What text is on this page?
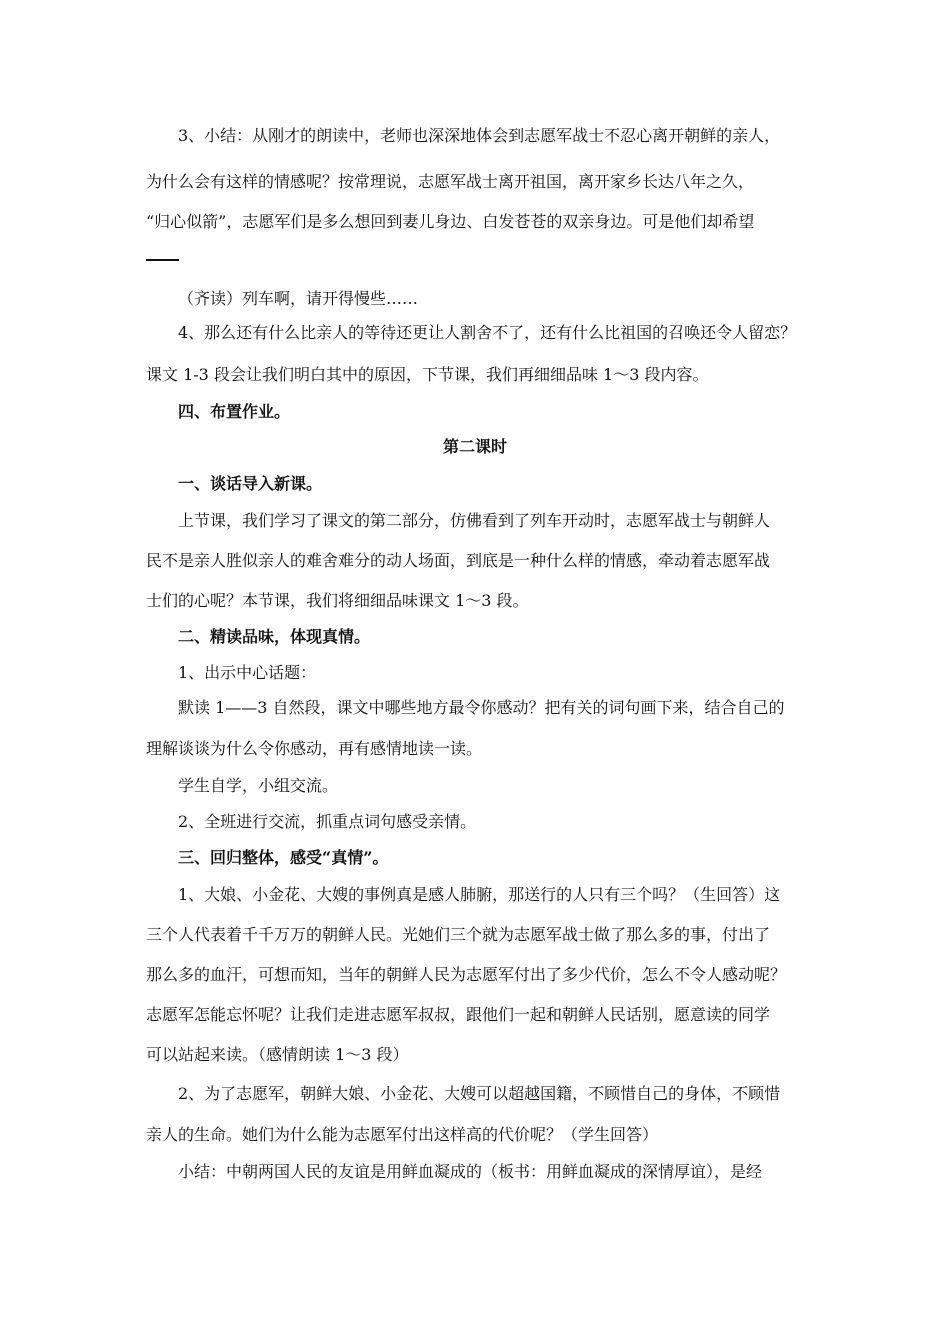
3、小结：从刚才的朗读中，老师也深深地体会到志愿军战士不忍心离开朝鲜的亲人，
为什么会有这样的情感呢？按常理说，志愿军战士离开祖国，离开家乡长达八年之久，
“归心似箭”，志愿军们是多么想回到妻儿身边、白发苍苍的双亲身边。可是他们却希望
（齐读）列车啊，请开得慢些……
4、那么还有什么比亲人的等待还更让人割舍不了，还有什么比祖国的召唤还令人留恋？
课文 1-3 段会让我们明白其中的原因，下节课，我们再细细品味 1～3 段内容。
四、布置作业。
第二课时
一、谈话导入新课。
上节课，我们学习了课文的第二部分，仿佛看到了列车开动时，志愿军战士与朝鲜人
民不是亲人胜似亲人的难舍难分的动人场面，到底是一种什么样的情感，牵动着志愿军战
士们的心呢？本节课，我们将细细品味课文 1～3 段。
二、精读品味，体现真情。
1、出示中心话题：
默读 1——3 自然段，课文中哪些地方最令你感动？把有关的词句画下来，结合自己的
理解谈谈为什么令你感动，再有感情地读一读。
学生自学，小组交流。
2、全班进行交流，抓重点词句感受亲情。
三、回归整体，感受“真情”。
1、大娘、小金花、大嫂的事例真是感人肺腑，那送行的人只有三个吗？（生回答）这
三个人代表着千千万万的朝鲜人民。光她们三个就为志愿军战士做了那么多的事，付出了
那么多的血汗，可想而知，当年的朝鲜人民为志愿军付出了多少代价，怎么不令人感动呢？
志愿军怎能忘怀呢？让我们走进志愿军叔叔，跟他们一起和朝鲜人民话别，愿意读的同学
可以站起来读。（感情朗读 1～3 段）
2、为了志愿军，朝鲜大娘、小金花、大嫂可以超越国籍，不顾惜自己的身体，不顾惜
亲人的生命。她们为什么能为志愿军付出这样高的代价呢？（学生回答）
小结：中朝两国人民的友谊是用鲜血凝成的（板书：用鲜血凝成的深情厚谊），是经
